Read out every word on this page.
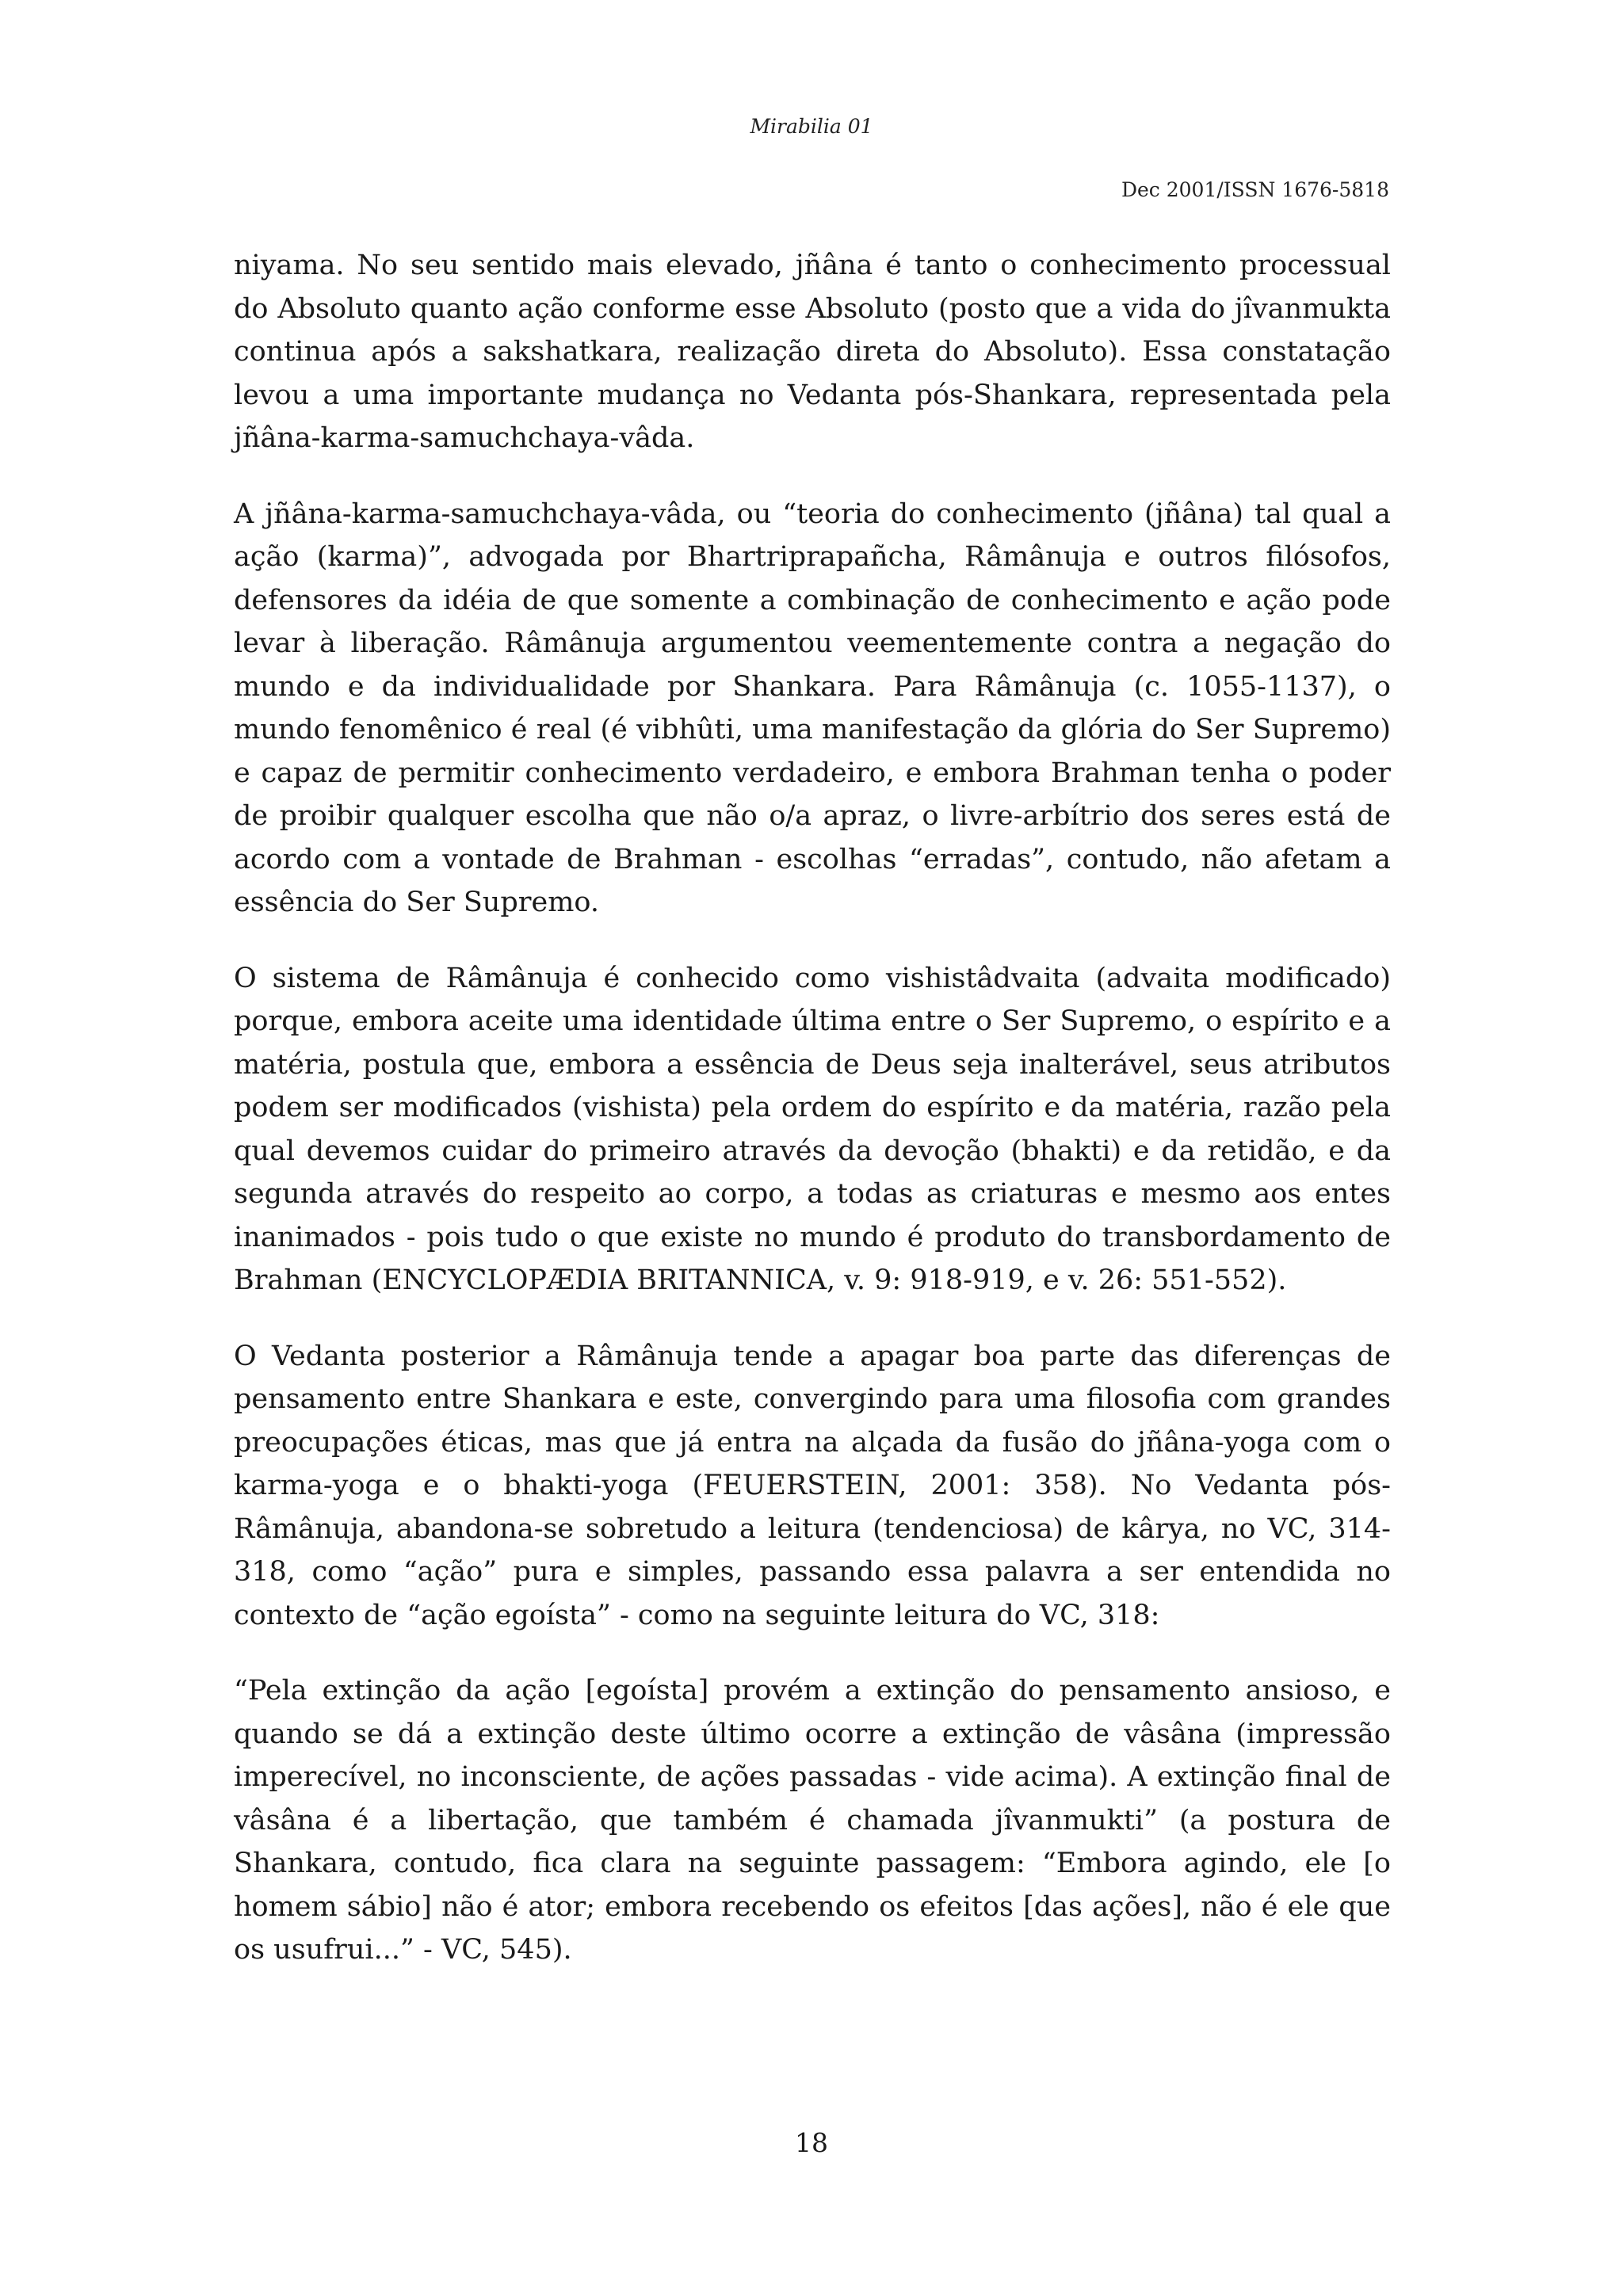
Mirabilia 01
Dec 2001/ISSN 1676-5818

niyama. No seu sentido mais elevado, jñâna é tanto o conhecimento processual do Absoluto quanto ação conforme esse Absoluto (posto que a vida do jîvanmukta continua após a sakshatkara, realização direta do Absoluto). Essa constatação levou a uma importante mudança no Vedanta pós-Shankara, representada pela jñâna-karma-samuchchaya-vâda.

A jñâna-karma-samuchchaya-vâda, ou “teoria do conhecimento (jñâna) tal qual a ação (karma)”, advogada por Bhartriprapañcha, Râmânuja e outros filósofos, defensores da idéia de que somente a combinação de conhecimento e ação pode levar à liberação. Râmânuja argumentou veementemente contra a negação do mundo e da individualidade por Shankara. Para Râmânuja (c. 1055-1137), o mundo fenomênico é real (é vibhûti, uma manifestação da glória do Ser Supremo) e capaz de permitir conhecimento verdadeiro, e embora Brahman tenha o poder de proibir qualquer escolha que não o/a apraz, o livre-arbítrio dos seres está de acordo com a vontade de Brahman - escolhas “erradas”, contudo, não afetam a essência do Ser Supremo.

O sistema de Râmânuja é conhecido como vishistâdvaita (advaita modificado) porque, embora aceite uma identidade última entre o Ser Supremo, o espírito e a matéria, postula que, embora a essência de Deus seja inalterável, seus atributos podem ser modificados (vishista) pela ordem do espírito e da matéria, razão pela qual devemos cuidar do primeiro através da devoção (bhakti) e da retidão, e da segunda através do respeito ao corpo, a todas as criaturas e mesmo aos entes inanimados - pois tudo o que existe no mundo é produto do transbordamento de Brahman (ENCYCLOPÆDIA BRITANNICA, v. 9: 918-919, e v. 26: 551-552).

O Vedanta posterior a Râmânuja tende a apagar boa parte das diferenças de pensamento entre Shankara e este, convergindo para uma filosofia com grandes preocupações éticas, mas que já entra na alçada da fusão do jñâna-yoga com o karma-yoga e o bhakti-yoga (FEUERSTEIN, 2001: 358). No Vedanta pós-Râmânuja, abandona-se sobretudo a leitura (tendenciosa) de kârya, no VC, 314-318, como “ação” pura e simples, passando essa palavra a ser entendida no contexto de “ação egoísta” - como na seguinte leitura do VC, 318:

“Pela extinção da ação [egoísta] provém a extinção do pensamento ansioso, e quando se dá a extinção deste último ocorre a extinção de vâsâna (impressão imperecível, no inconsciente, de ações passadas - vide acima). A extinção final de vâsâna é a libertação, que também é chamada jîvanmukti” (a postura de Shankara, contudo, fica clara na seguinte passagem: “Embora agindo, ele [o homem sábio] não é ator; embora recebendo os efeitos [das ações], não é ele que os usufrui...” - VC, 545).

18
